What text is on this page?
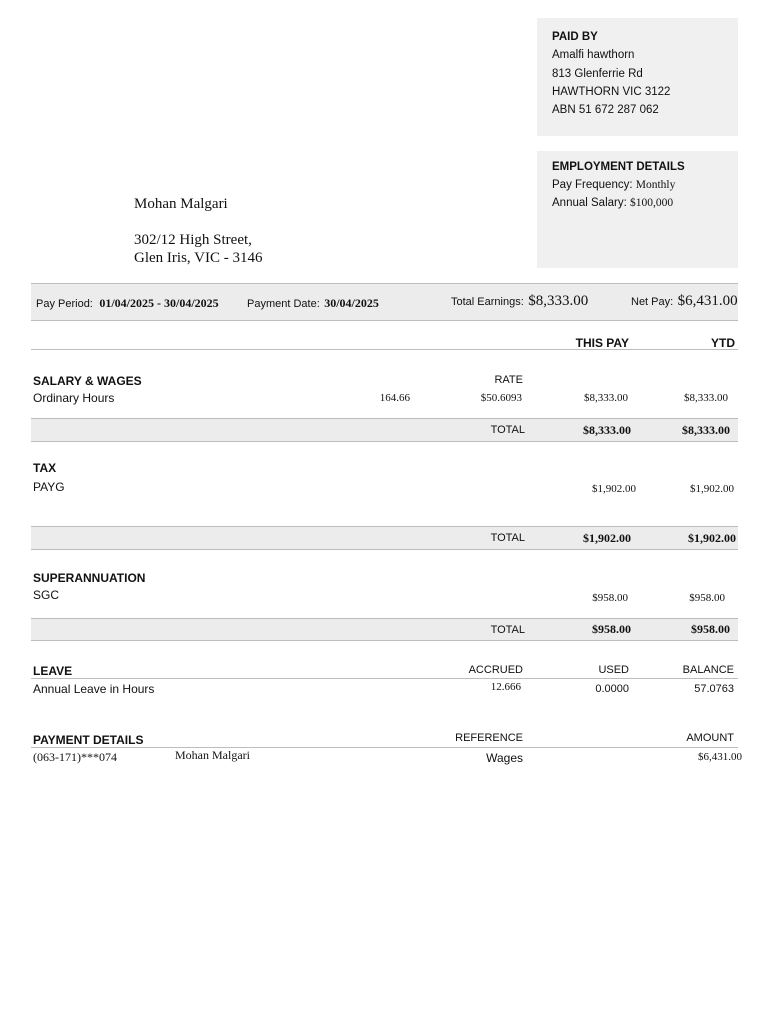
PAID BY
Amalfi hawthorn
813 Glenferrie Rd
HAWTHORN VIC 3122
ABN 51 672 287 062
EMPLOYMENT DETAILS
Pay Frequency: Monthly
Annual Salary: $100,000
Mohan Malgari
302/12 High Street,
Glen Iris, VIC - 3146
Pay Period: 01/04/2025 - 30/04/2025	Payment Date: 30/04/2025	Total Earnings: $8,333.00	Net Pay: $6,431.00
THIS PAY	YTD
SALARY & WAGES	RATE
Ordinary Hours	164.66	$50.6093	$8,333.00	$8,333.00
TOTAL	$8,333.00	$8,333.00
TAX
PAYG	$1,902.00	$1,902.00
TOTAL	$1,902.00	$1,902.00
SUPERANNUATION
SGC	$958.00	$958.00
TOTAL	$958.00	$958.00
LEAVE	ACCRUED	USED	BALANCE
Annual Leave in Hours	12.666	0.0000	57.0763
PAYMENT DETAILS	REFERENCE	AMOUNT
(063-171)***074	Mohan Malgari	Wages	$6,431.00
